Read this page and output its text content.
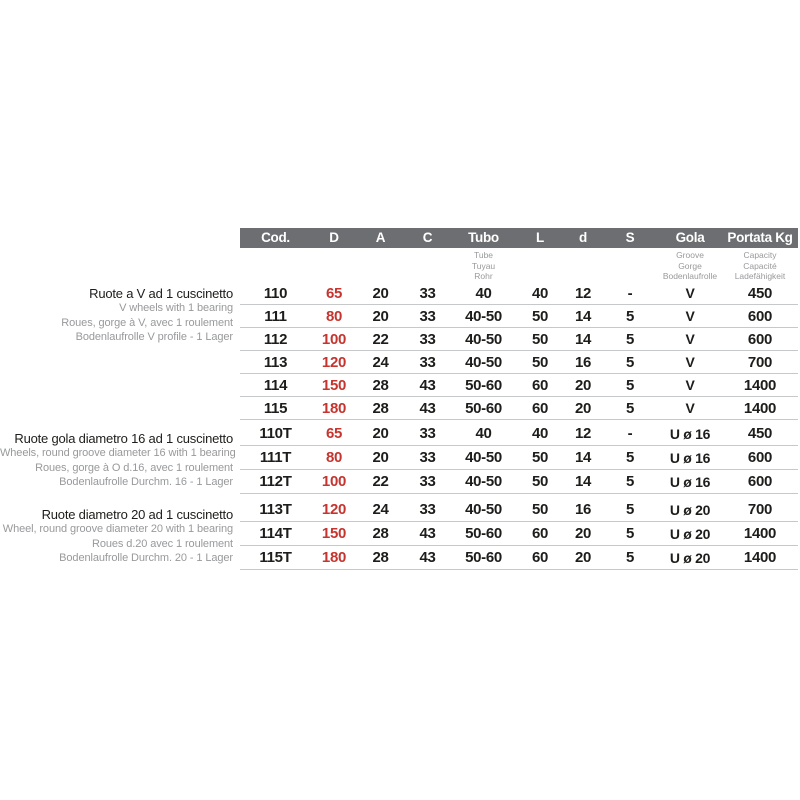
Cod.	D	A	C	Tubo	L	d	S	Gola	Portata Kg
Tube
Tuyau
Rohr
Groove
Gorge
Bodenlaufrolle
Capacity
Capacité
Ladefähigkeit
110	65	20	33	40	40	12	-	V	450
111	80	20	33	40-50	50	14	5	V	600
112	100	22	33	40-50	50	14	5	V	600
113	120	24	33	40-50	50	16	5	V	700
114	150	28	43	50-60	60	20	5	V	1400
115	180	28	43	50-60	60	20	5	V	1400
110T	65	20	33	40	40	12	-	U ø 16	450
111T	80	20	33	40-50	50	14	5	U ø 16	600
112T	100	22	33	40-50	50	14	5	U ø 16	600
113T	120	24	33	40-50	50	16	5	U ø 20	700
114T	150	28	43	50-60	60	20	5	U ø 20	1400
115T	180	28	43	50-60	60	20	5	U ø 20	1400
Ruote a V ad 1 cuscinetto
V wheels with 1 bearing
Roues, gorge à V, avec 1 roulement
Bodenlaufrolle V profile - 1 Lager
Ruote gola diametro 16 ad 1 cuscinetto
Wheels, round groove diameter 16 with 1 bearing
Roues, gorge à O d.16, avec 1 roulement
Bodenlaufrolle Durchm. 16 - 1 Lager
Ruote diametro 20 ad 1 cuscinetto
Wheel, round groove diameter 20 with 1 bearing
Roues d.20 avec 1 roulement
Bodenlaufrolle Durchm. 20 - 1 Lager
